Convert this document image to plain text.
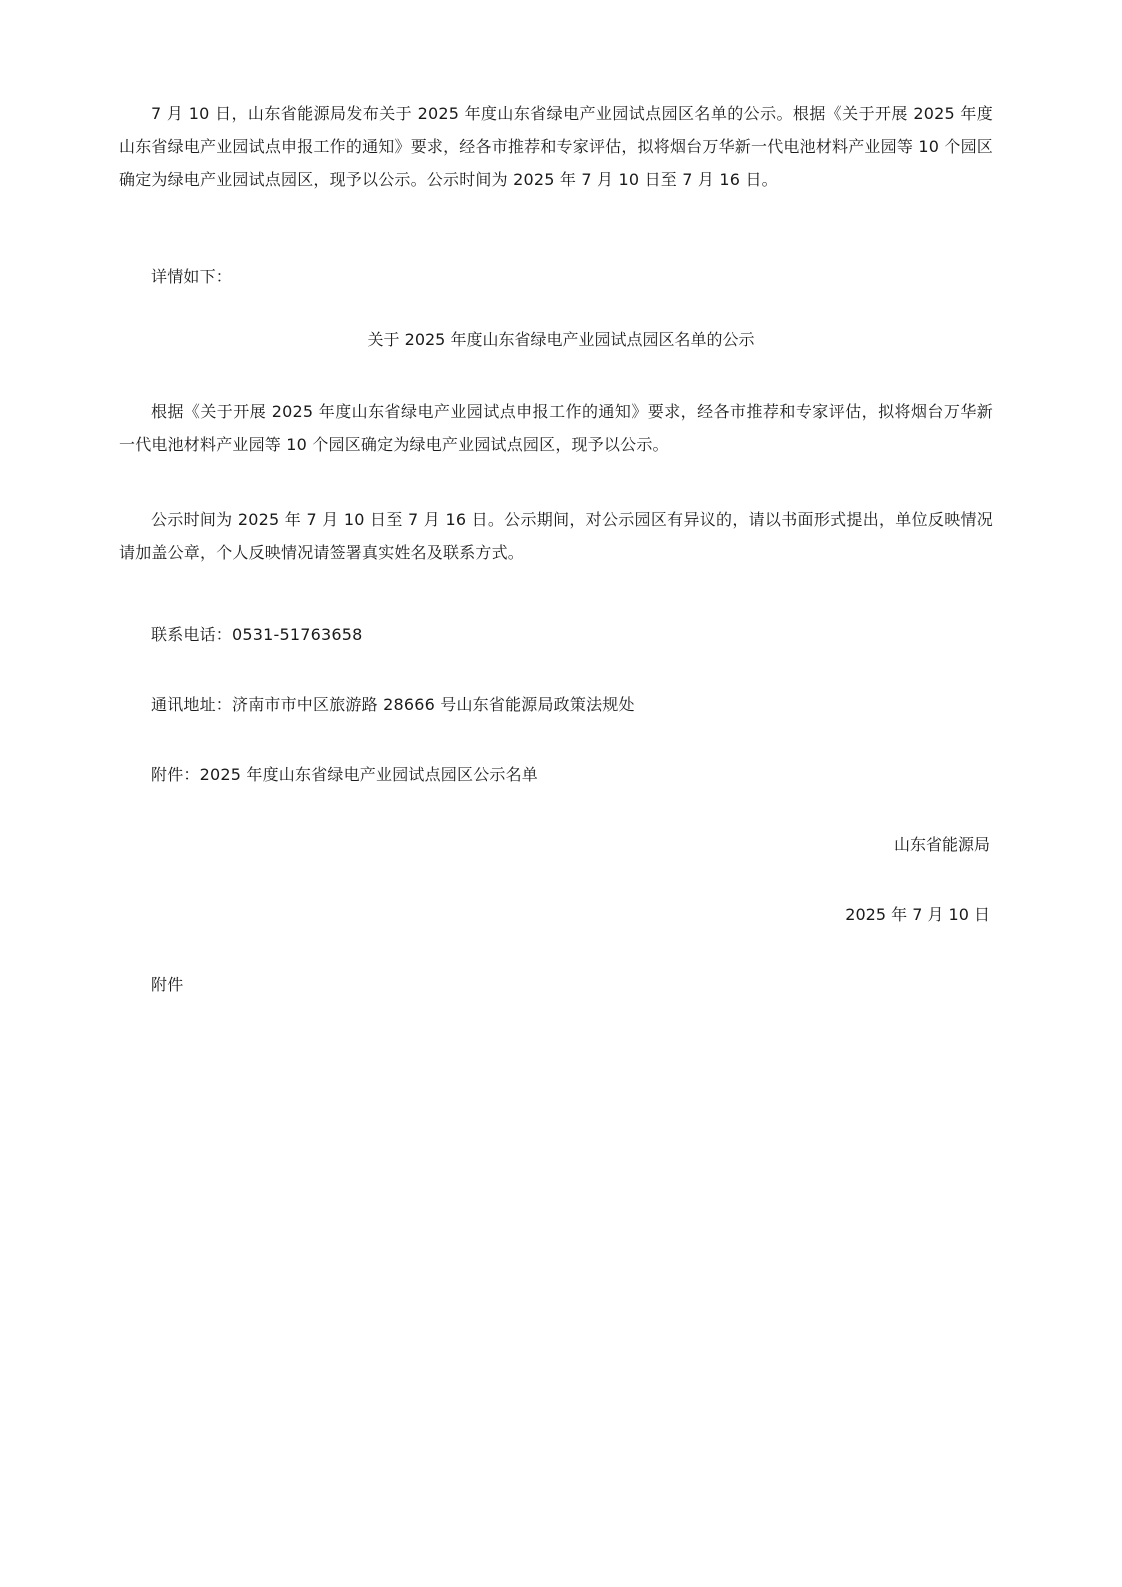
7 月 10 日，山东省能源局发布关于 2025 年度山东省绿电产业园试点园区名单的公示。根据《关于开展 2025 年度山东省绿电产业园试点申报工作的通知》要求，经各市推荐和专家评估，拟将烟台万华新一代电池材料产业园等 10 个园区确定为绿电产业园试点园区，现予以公示。公示时间为 2025 年 7 月 10 日至 7 月 16 日。

详情如下：

关于 2025 年度山东省绿电产业园试点园区名单的公示

根据《关于开展 2025 年度山东省绿电产业园试点申报工作的通知》要求，经各市推荐和专家评估，拟将烟台万华新一代电池材料产业园等 10 个园区确定为绿电产业园试点园区，现予以公示。

公示时间为 2025 年 7 月 10 日至 7 月 16 日。公示期间，对公示园区有异议的，请以书面形式提出，单位反映情况请加盖公章，个人反映情况请签署真实姓名及联系方式。

联系电话：0531-51763658

通讯地址：济南市市中区旅游路 28666 号山东省能源局政策法规处

附件：2025 年度山东省绿电产业园试点园区公示名单

山东省能源局

2025 年 7 月 10 日

附件
